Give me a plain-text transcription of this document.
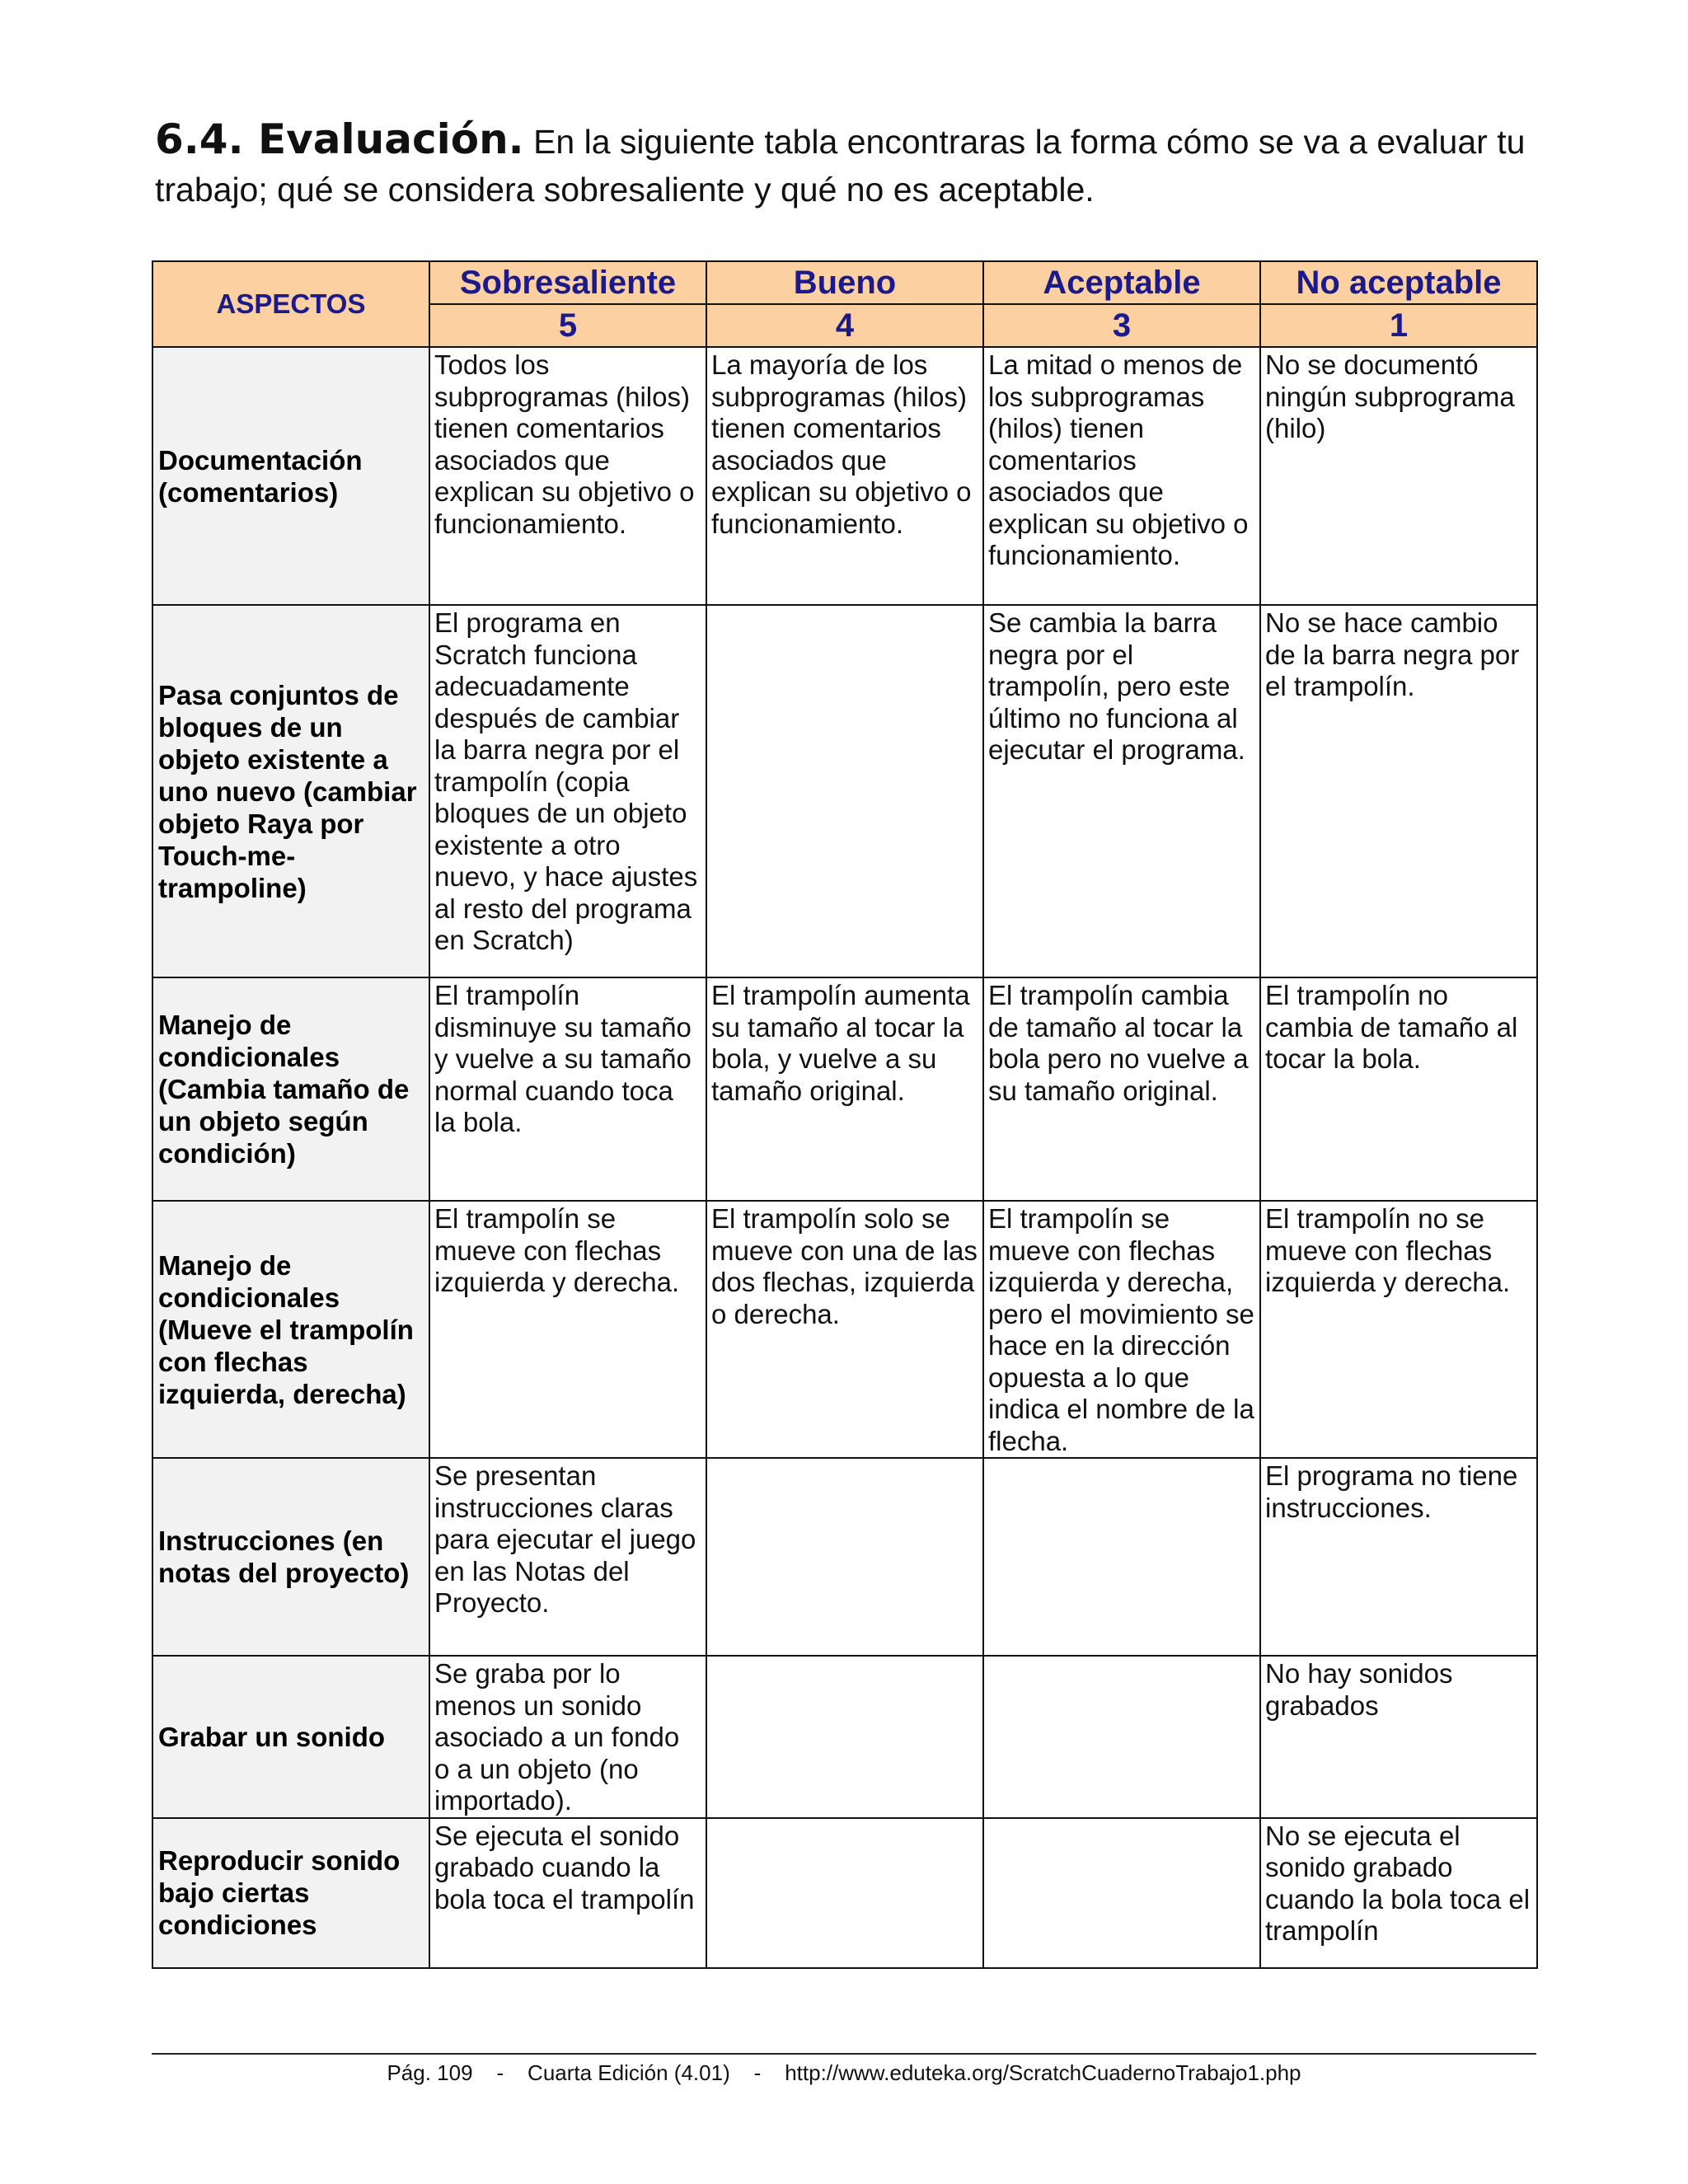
6.4. Evaluación. En la siguiente tabla encontraras la forma cómo se va a evaluar tu trabajo; qué se considera sobresaliente y qué no es aceptable.
ASPECTOS	Sobresaliente	Bueno	Aceptable	No aceptable
	5	4	3	1
Documentación (comentarios)	Todos los subprogramas (hilos) tienen comentarios asociados que explican su objetivo o funcionamiento.	La mayoría de los subprogramas (hilos) tienen comentarios asociados que explican su objetivo o funcionamiento.	La mitad o menos de los subprogramas (hilos) tienen comentarios asociados que explican su objetivo o funcionamiento.	No se documentó ningún subprograma (hilo)
Pasa conjuntos de bloques de un objeto existente a uno nuevo (cambiar objeto Raya por Touch-me-trampoline)	El programa en Scratch funciona adecuadamente después de cambiar la barra negra por el trampolín (copia bloques de un objeto existente a otro nuevo, y hace ajustes al resto del programa en Scratch)		Se cambia la barra negra por el trampolín, pero este último no funciona al ejecutar el programa.	No se hace cambio de la barra negra por el trampolín.
Manejo de condicionales (Cambia tamaño de un objeto según condición)	El trampolín disminuye su tamaño y vuelve a su tamaño normal cuando toca la bola.	El trampolín aumenta su tamaño al tocar la bola, y vuelve a su tamaño original.	El trampolín cambia de tamaño al tocar la bola pero no vuelve a su tamaño original.	El trampolín no cambia de tamaño al tocar la bola.
Manejo de condicionales (Mueve el trampolín con flechas izquierda, derecha)	El trampolín se mueve con flechas izquierda y derecha.	El trampolín solo se mueve con una de las dos flechas, izquierda o derecha.	El trampolín se mueve con flechas izquierda y derecha, pero el movimiento se hace en la dirección opuesta a lo que indica el nombre de la flecha.	El trampolín no se mueve con flechas izquierda y derecha.
Instrucciones (en notas del proyecto)	Se presentan instrucciones claras para ejecutar el juego en las Notas del Proyecto.			El programa no tiene instrucciones.
Grabar un sonido	Se graba por lo menos un sonido asociado a un fondo o a un objeto (no importado).			No hay sonidos grabados
Reproducir sonido bajo ciertas condiciones	Se ejecuta el sonido grabado cuando la bola toca el trampolín			No se ejecuta el sonido grabado cuando la bola toca el trampolín
Pág. 109 - Cuarta Edición (4.01) - http://www.eduteka.org/ScratchCuadernoTrabajo1.php
